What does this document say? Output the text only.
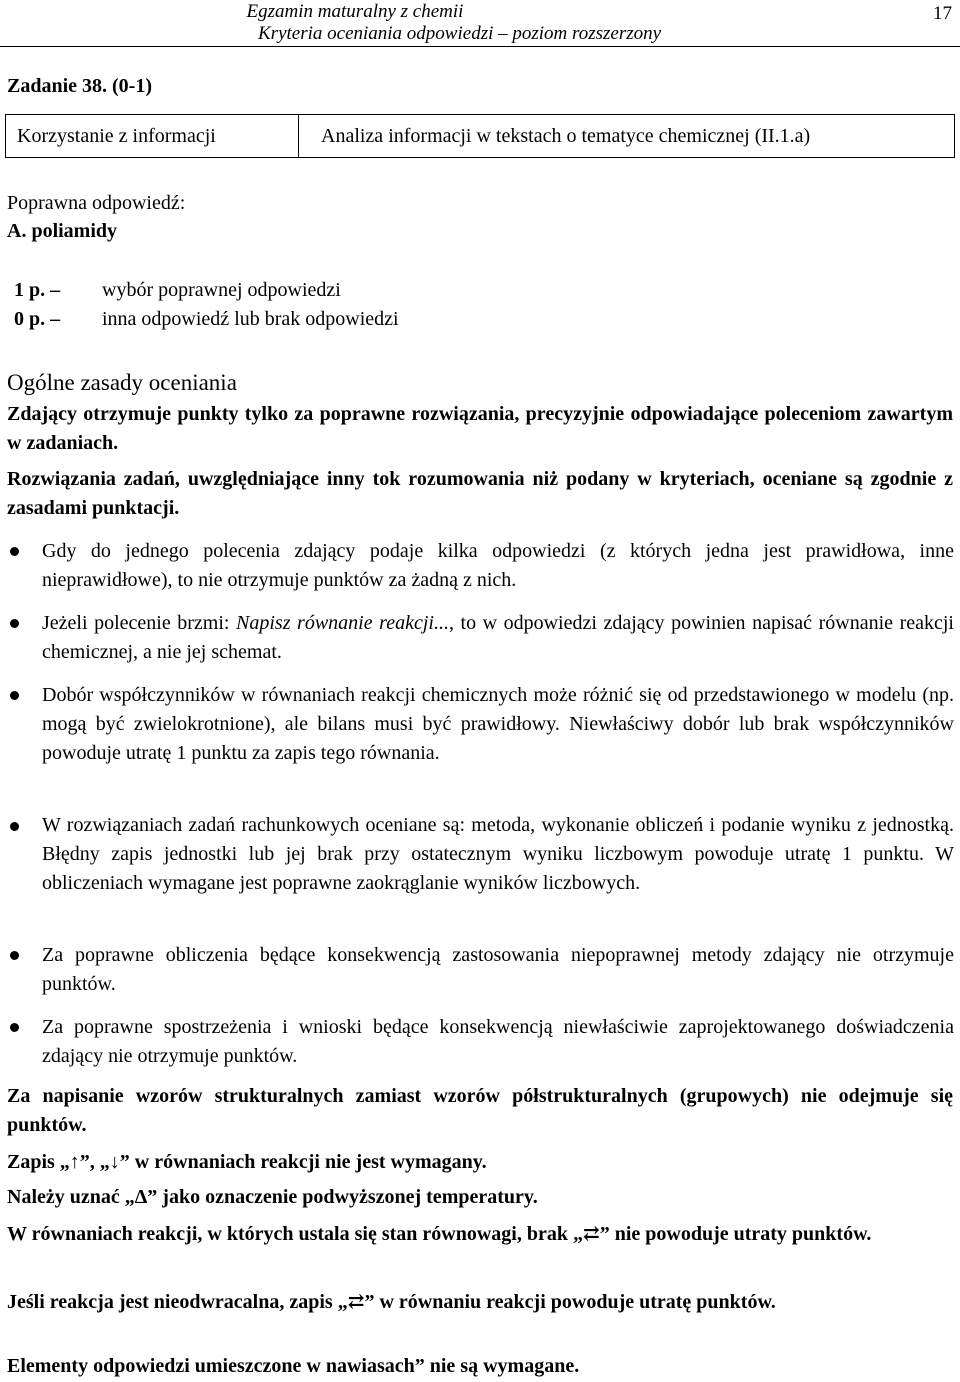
Egzamin maturalny z chemii
Kryteria oceniania odpowiedzi – poziom rozszerzony
17
Zadanie 38. (0-1)
Korzystanie z informacji	Analiza informacji w tekstach o tematyce chemicznej (II.1.a)
Poprawna odpowiedź:
A. poliamidy
1 p. –	wybór poprawnej odpowiedzi
0 p. –	inna odpowiedź lub brak odpowiedzi
Ogólne zasady oceniania
Zdający otrzymuje punkty tylko za poprawne rozwiązania, precyzyjnie odpowiadające poleceniom zawartym w zadaniach.
Rozwiązania zadań, uwzględniające inny tok rozumowania niż podany w kryteriach, oceniane są zgodnie z zasadami punktacji.
Gdy do jednego polecenia zdający podaje kilka odpowiedzi (z których jedna jest prawidłowa, inne nieprawidłowe), to nie otrzymuje punktów za żadną z nich.
Jeżeli polecenie brzmi: Napisz równanie reakcji..., to w odpowiedzi zdający powinien napisać równanie reakcji chemicznej, a nie jej schemat.
Dobór współczynników w równaniach reakcji chemicznych może różnić się od przedstawionego w modelu (np. mogą być zwielokrotnione), ale bilans musi być prawidłowy. Niewłaściwy dobór lub brak współczynników powoduje utratę 1 punktu za zapis tego równania.
W rozwiązaniach zadań rachunkowych oceniane są: metoda, wykonanie obliczeń i podanie wyniku z jednostką. Błędny zapis jednostki lub jej brak przy ostatecznym wyniku liczbowym powoduje utratę 1 punktu. W obliczeniach wymagane jest poprawne zaokrąglanie wyników liczbowych.
Za poprawne obliczenia będące konsekwencją zastosowania niepoprawnej metody zdający nie otrzymuje punktów.
Za poprawne spostrzeżenia i wnioski będące konsekwencją niewłaściwie zaprojektowanego doświadczenia zdający nie otrzymuje punktów.
Za napisanie wzorów strukturalnych zamiast wzorów półstrukturalnych (grupowych) nie odejmuje się punktów.
Zapis „↑”, „↓” w równaniach reakcji nie jest wymagany.
Należy uznać „Δ” jako oznaczenie podwyższonej temperatury.
W równaniach reakcji, w których ustala się stan równowagi, brak „⇄” nie powoduje utraty punktów.
Jeśli reakcja jest nieodwracalna, zapis „⇄” w równaniu reakcji powoduje utratę punktów.
Elementy odpowiedzi umieszczone w nawiasach” nie są wymagane.
